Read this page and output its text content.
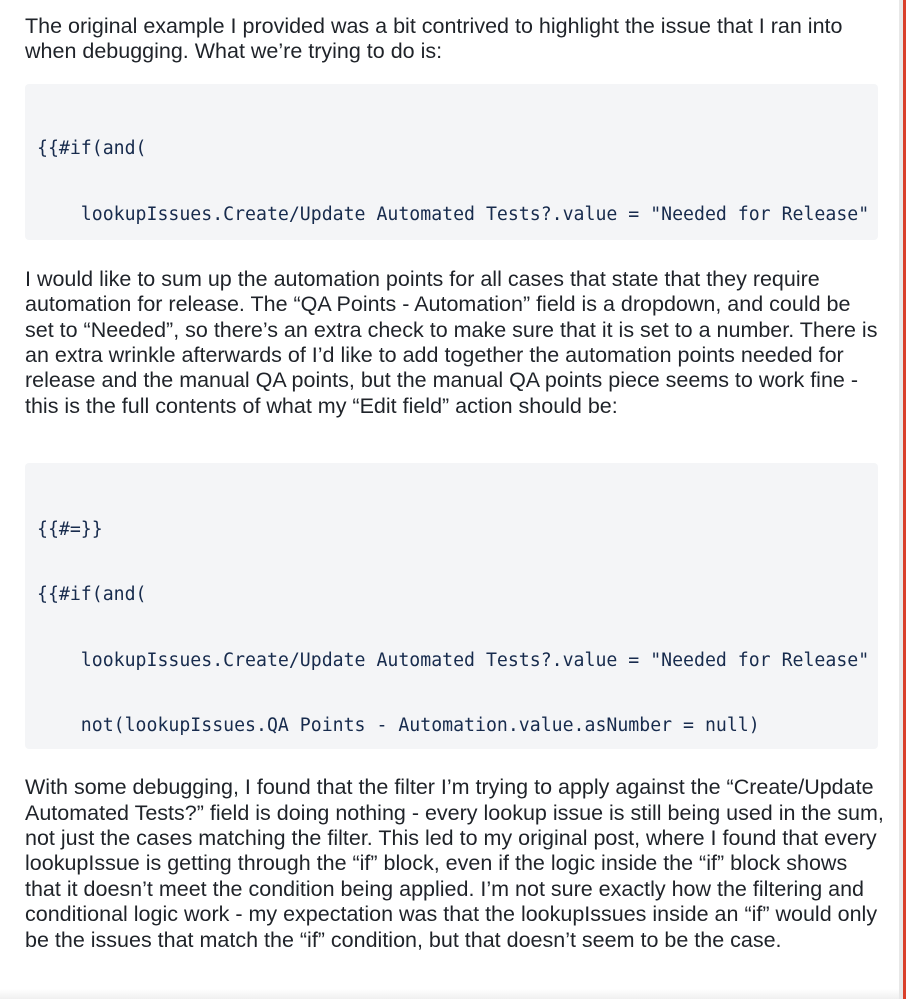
The original example I provided was a bit contrived to highlight the issue that I ran into when debugging. What we’re trying to do is:

{{#if(and(

lookupIssues.Create/Update Automated Tests?.value = "Needed for Release"

I would like to sum up the automation points for all cases that state that they require automation for release. The “QA Points - Automation” field is a dropdown, and could be set to “Needed”, so there’s an extra check to make sure that it is set to a number. There is an extra wrinkle afterwards of I’d like to add together the automation points needed for release and the manual QA points, but the manual QA points piece seems to work fine - this is the full contents of what my “Edit field” action should be:

{{#=}}

{{#if(and(

lookupIssues.Create/Update Automated Tests?.value = "Needed for Release"

not(lookupIssues.QA Points - Automation.value.asNumber = null)

With some debugging, I found that the filter I’m trying to apply against the “Create/Update Automated Tests?” field is doing nothing - every lookup issue is still being used in the sum, not just the cases matching the filter. This led to my original post, where I found that every lookupIssue is getting through the “if” block, even if the logic inside the “if” block shows that it doesn’t meet the condition being applied. I’m not sure exactly how the filtering and conditional logic work - my expectation was that the lookupIssues inside an “if” would only be the issues that match the “if” condition, but that doesn’t seem to be the case.
